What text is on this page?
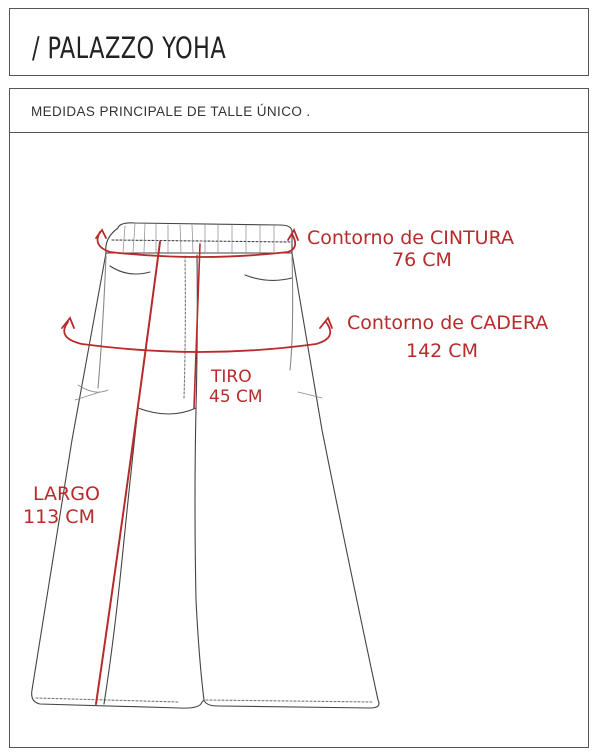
/ PALAZZO YOHA
MEDIDAS PRINCIPALE DE TALLE ÚNICO .
Contorno de CINTURA
76 CM
Contorno de CADERA
142 CM
TIRO
45 CM
LARGO
113 CM
